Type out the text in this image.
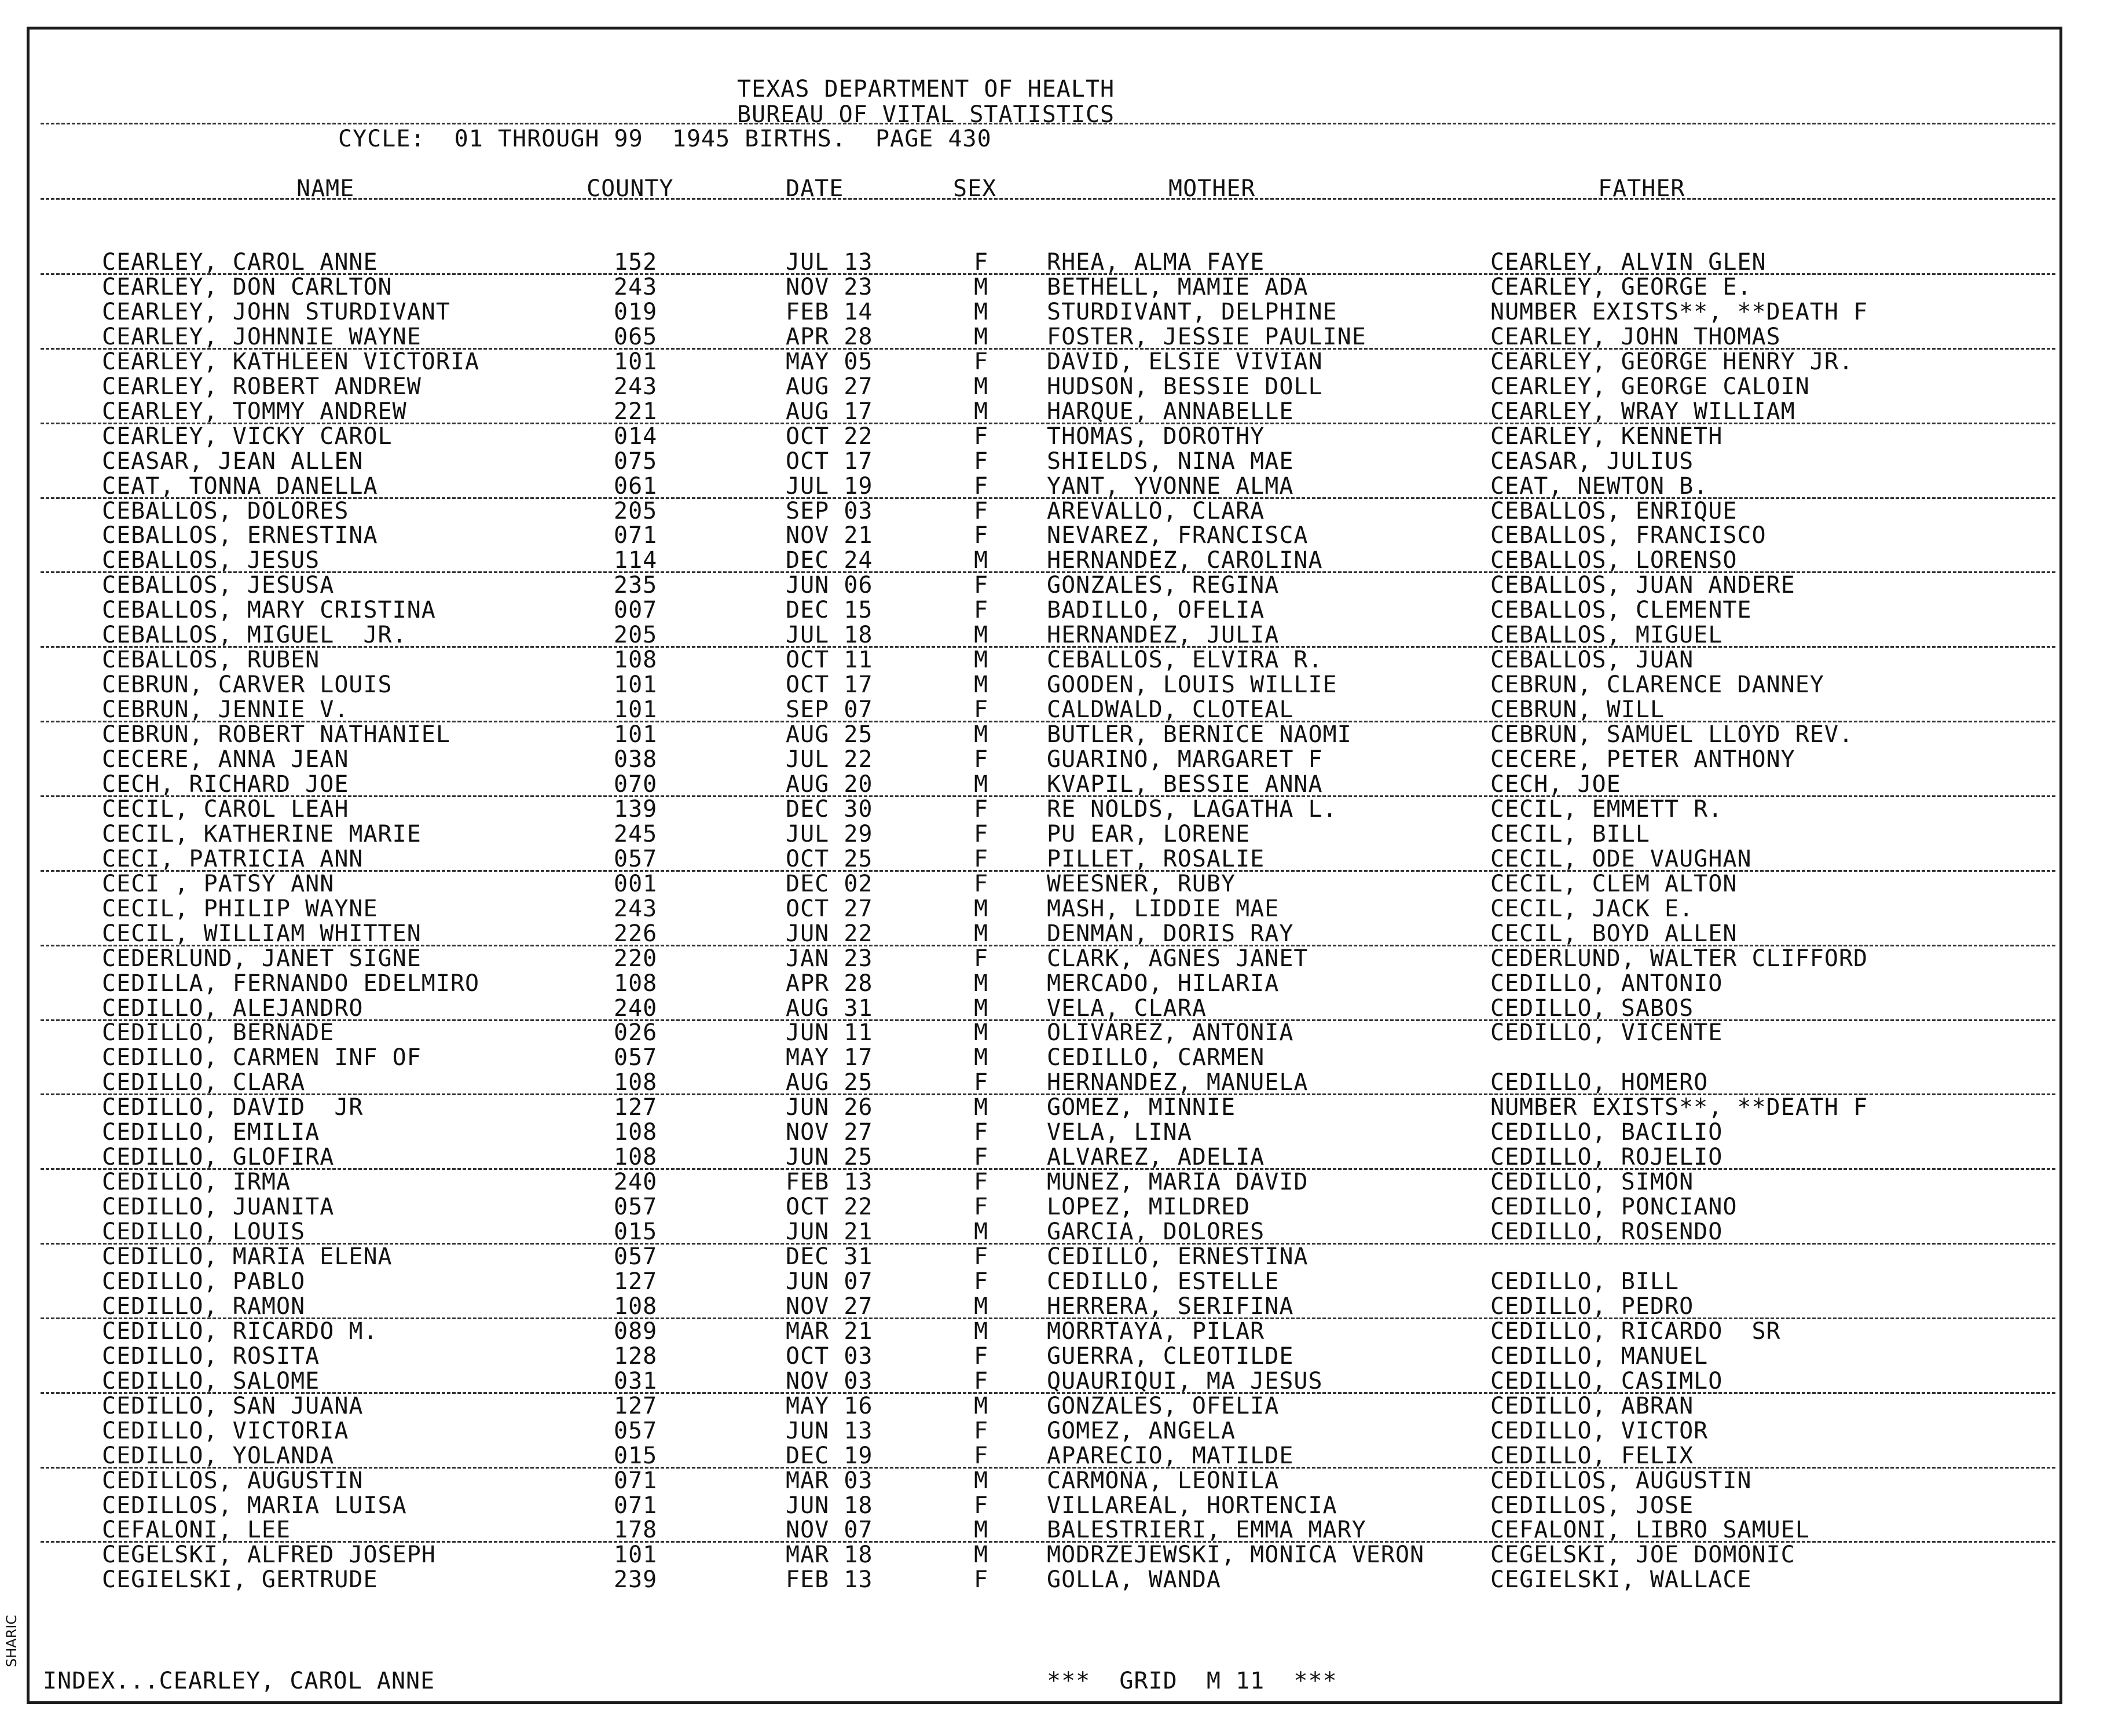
TEXAS DEPARTMENT OF HEALTH
BUREAU OF VITAL STATISTICS
CYCLE:  01 THROUGH 99  1945 BIRTHS.  PAGE 430
NAME	COUNTY	DATE	SEX	MOTHER	FATHER
CEARLEY, CAROL ANNE	152	JUL 13	F	RHEA, ALMA FAYE	CEARLEY, ALVIN GLEN
CEARLEY, DON CARLTON	243	NOV 23	M	BETHELL, MAMIE ADA	CEARLEY, GEORGE E.
CEARLEY, JOHN STURDIVANT	019	FEB 14	M	STURDIVANT, DELPHINE	NUMBER EXISTS**, **DEATH F
CEARLEY, JOHNNIE WAYNE	065	APR 28	M	FOSTER, JESSIE PAULINE	CEARLEY, JOHN THOMAS
CEARLEY, KATHLEEN VICTORIA	101	MAY 05	F	DAVID, ELSIE VIVIAN	CEARLEY, GEORGE HENRY JR.
CEARLEY, ROBERT ANDREW	243	AUG 27	M	HUDSON, BESSIE DOLL	CEARLEY, GEORGE CALOIN
CEARLEY, TOMMY ANDREW	221	AUG 17	M	HARQUE, ANNABELLE	CEARLEY, WRAY WILLIAM
CEARLEY, VICKY CAROL	014	OCT 22	F	THOMAS, DOROTHY	CEARLEY, KENNETH
CEASAR, JEAN ALLEN	075	OCT 17	F	SHIELDS, NINA MAE	CEASAR, JULIUS
CEAT, TONNA DANELLA	061	JUL 19	F	YANT, YVONNE ALMA	CEAT, NEWTON B.
CEBALLOS, DOLORES	205	SEP 03	F	AREVALLO, CLARA	CEBALLOS, ENRIQUE
CEBALLOS, ERNESTINA	071	NOV 21	F	NEVAREZ, FRANCISCA	CEBALLOS, FRANCISCO
CEBALLOS, JESUS	114	DEC 24	M	HERNANDEZ, CAROLINA	CEBALLOS, LORENSO
CEBALLOS, JESUSA	235	JUN 06	F	GONZALES, REGINA	CEBALLOS, JUAN ANDERE
CEBALLOS, MARY CRISTINA	007	DEC 15	F	BADILLO, OFELIA	CEBALLOS, CLEMENTE
CEBALLOS, MIGUEL  JR.	205	JUL 18	M	HERNANDEZ, JULIA	CEBALLOS, MIGUEL
CEBALLOS, RUBEN	108	OCT 11	M	CEBALLOS, ELVIRA R.	CEBALLOS, JUAN
CEBRUN, CARVER LOUIS	101	OCT 17	M	GOODEN, LOUIS WILLIE	CEBRUN, CLARENCE DANNEY
CEBRUN, JENNIE V.	101	SEP 07	F	CALDWALD, CLOTEAL	CEBRUN, WILL
CEBRUN, ROBERT NATHANIEL	101	AUG 25	M	BUTLER, BERNICE NAOMI	CEBRUN, SAMUEL LLOYD REV.
CECERE, ANNA JEAN	038	JUL 22	F	GUARINO, MARGARET F	CECERE, PETER ANTHONY
CECH, RICHARD JOE	070	AUG 20	M	KVAPIL, BESSIE ANNA	CECH, JOE
CECIL, CAROL LEAH	139	DEC 30	F	RE NOLDS, LAGATHA L.	CECIL, EMMETT R.
CECIL, KATHERINE MARIE	245	JUL 29	F	PU EAR, LORENE	CECIL, BILL
CECI, PATRICIA ANN	057	OCT 25	F	PILLET, ROSALIE	CECIL, ODE VAUGHAN
CECI , PATSY ANN	001	DEC 02	F	WEESNER, RUBY	CECIL, CLEM ALTON
CECIL, PHILIP WAYNE	243	OCT 27	M	MASH, LIDDIE MAE	CECIL, JACK E.
CECIL, WILLIAM WHITTEN	226	JUN 22	M	DENMAN, DORIS RAY	CECIL, BOYD ALLEN
CEDERLUND, JANET SIGNE	220	JAN 23	F	CLARK, AGNES JANET	CEDERLUND, WALTER CLIFFORD
CEDILLA, FERNANDO EDELMIRO	108	APR 28	M	MERCADO, HILARIA	CEDILLO, ANTONIO
CEDILLO, ALEJANDRO	240	AUG 31	M	VELA, CLARA	CEDILLO, SABOS
CEDILLO, BERNADE	026	JUN 11	M	OLIVAREZ, ANTONIA	CEDILLO, VICENTE
CEDILLO, CARMEN INF OF	057	MAY 17	M	CEDILLO, CARMEN
CEDILLO, CLARA	108	AUG 25	F	HERNANDEZ, MANUELA	CEDILLO, HOMERO
CEDILLO, DAVID  JR	127	JUN 26	M	GOMEZ, MINNIE	NUMBER EXISTS**, **DEATH F
CEDILLO, EMILIA	108	NOV 27	F	VELA, LINA	CEDILLO, BACILIO
CEDILLO, GLOFIRA	108	JUN 25	F	ALVAREZ, ADELIA	CEDILLO, ROJELIO
CEDILLO, IRMA	240	FEB 13	F	MUNEZ, MARIA DAVID	CEDILLO, SIMON
CEDILLO, JUANITA	057	OCT 22	F	LOPEZ, MILDRED	CEDILLO, PONCIANO
CEDILLO, LOUIS	015	JUN 21	M	GARCIA, DOLORES	CEDILLO, ROSENDO
CEDILLO, MARIA ELENA	057	DEC 31	F	CEDILLO, ERNESTINA
CEDILLO, PABLO	127	JUN 07	F	CEDILLO, ESTELLE	CEDILLO, BILL
CEDILLO, RAMON	108	NOV 27	M	HERRERA, SERIFINA	CEDILLO, PEDRO
CEDILLO, RICARDO M.	089	MAR 21	M	MORRTAYA, PILAR	CEDILLO, RICARDO  SR
CEDILLO, ROSITA	128	OCT 03	F	GUERRA, CLEOTILDE	CEDILLO, MANUEL
CEDILLO, SALOME	031	NOV 03	F	QUAURIQUI, MA JESUS	CEDILLO, CASIMLO
CEDILLO, SAN JUANA	127	MAY 16	M	GONZALES, OFELIA	CEDILLO, ABRAN
CEDILLO, VICTORIA	057	JUN 13	F	GOMEZ, ANGELA	CEDILLO, VICTOR
CEDILLO, YOLANDA	015	DEC 19	F	APARECIO, MATILDE	CEDILLO, FELIX
CEDILLOS, AUGUSTIN	071	MAR 03	M	CARMONA, LEONILA	CEDILLOS, AUGUSTIN
CEDILLOS, MARIA LUISA	071	JUN 18	F	VILLAREAL, HORTENCIA	CEDILLOS, JOSE
CEFALONI, LEE	178	NOV 07	M	BALESTRIERI, EMMA MARY	CEFALONI, LIBRO SAMUEL
CEGELSKI, ALFRED JOSEPH	101	MAR 18	M	MODRZEJEWSKI, MONICA VERON	CEGELSKI, JOE DOMONIC
CEGIELSKI, GERTRUDE	239	FEB 13	F	GOLLA, WANDA	CEGIELSKI, WALLACE
INDEX...CEARLEY, CAROL ANNE	***  GRID  M 11  ***
SHARIC
